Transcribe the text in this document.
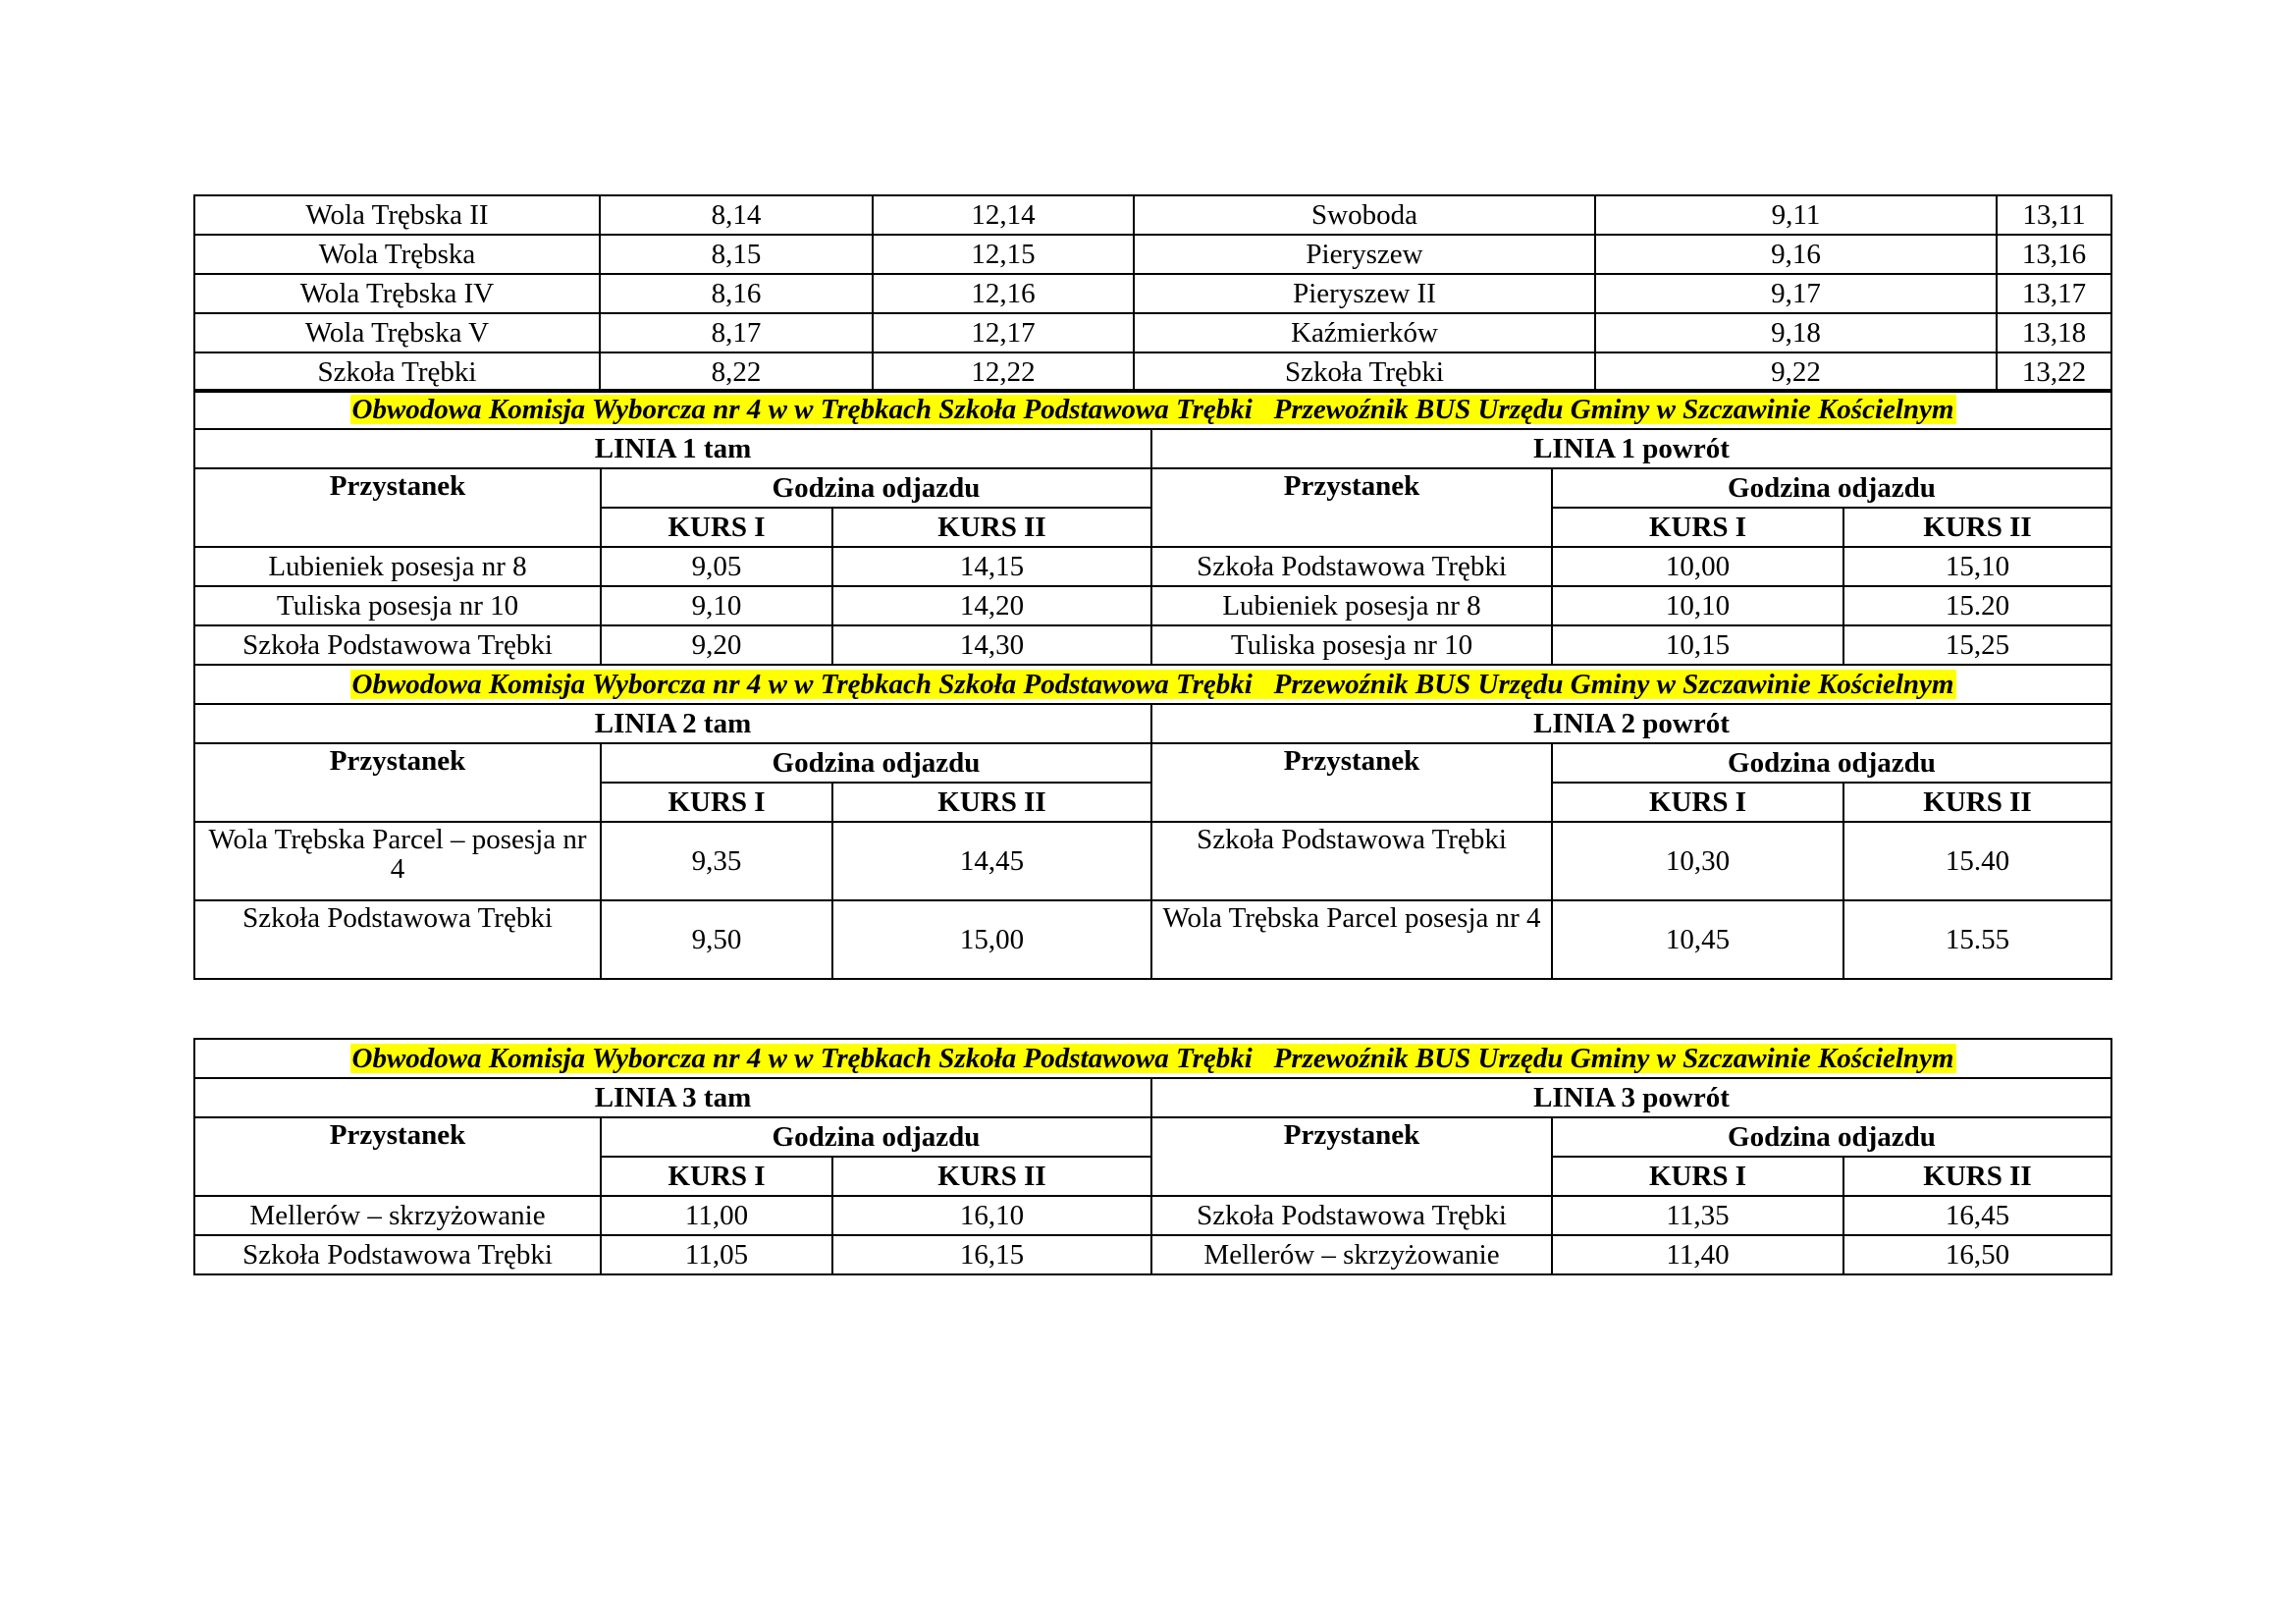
Wola Trębska II	8,14	12,14	Swoboda	9,11	13,11
Wola Trębska	8,15	12,15	Pieryszew	9,16	13,16
Wola Trębska IV	8,16	12,16	Pieryszew II	9,17	13,17
Wola Trębska V	8,17	12,17	Kaźmierków	9,18	13,18
Szkoła Trębki	8,22	12,22	Szkoła Trębki	9,22	13,22
Obwodowa Komisja Wyborcza nr 4 w w Trębkach Szkoła Podstawowa Trębki   Przewoźnik BUS Urzędu Gminy w Szczawinie Kościelnym					
LINIA 1 tam			LINIA 1 powrót		
Przystanek	Godzina odjazdu		Przystanek	Godzina odjazdu	
	KURS I	KURS II		KURS I	KURS II
Lubieniek posesja nr 8	9,05	14,15	Szkoła Podstawowa Trębki	10,00	15,10
Tuliska posesja nr 10	9,10	14,20	Lubieniek posesja nr 8	10,10	15.20
Szkoła Podstawowa Trębki	9,20	14,30	Tuliska posesja nr 10	10,15	15,25
Obwodowa Komisja Wyborcza nr 4 w w Trębkach Szkoła Podstawowa Trębki   Przewoźnik BUS Urzędu Gminy w Szczawinie Kościelnym					
LINIA 2 tam			LINIA 2 powrót		
Przystanek	Godzina odjazdu		Przystanek	Godzina odjazdu	
	KURS I	KURS II		KURS I	KURS II
Wola Trębska Parcel – posesja nr 4	9,35	14,45	Szkoła Podstawowa Trębki	10,30	15.40
Szkoła Podstawowa Trębki	9,50	15,00	Wola Trębska Parcel posesja nr 4	10,45	15.55
Obwodowa Komisja Wyborcza nr 4 w w Trębkach Szkoła Podstawowa Trębki   Przewoźnik BUS Urzędu Gminy w Szczawinie Kościelnym					
LINIA 3 tam			LINIA 3 powrót		
Przystanek	Godzina odjazdu		Przystanek	Godzina odjazdu	
	KURS I	KURS II		KURS I	KURS II
Mellerów – skrzyżowanie	11,00	16,10	Szkoła Podstawowa Trębki	11,35	16,45
Szkoła Podstawowa Trębki	11,05	16,15	Mellerów – skrzyżowanie	11,40	16,50
